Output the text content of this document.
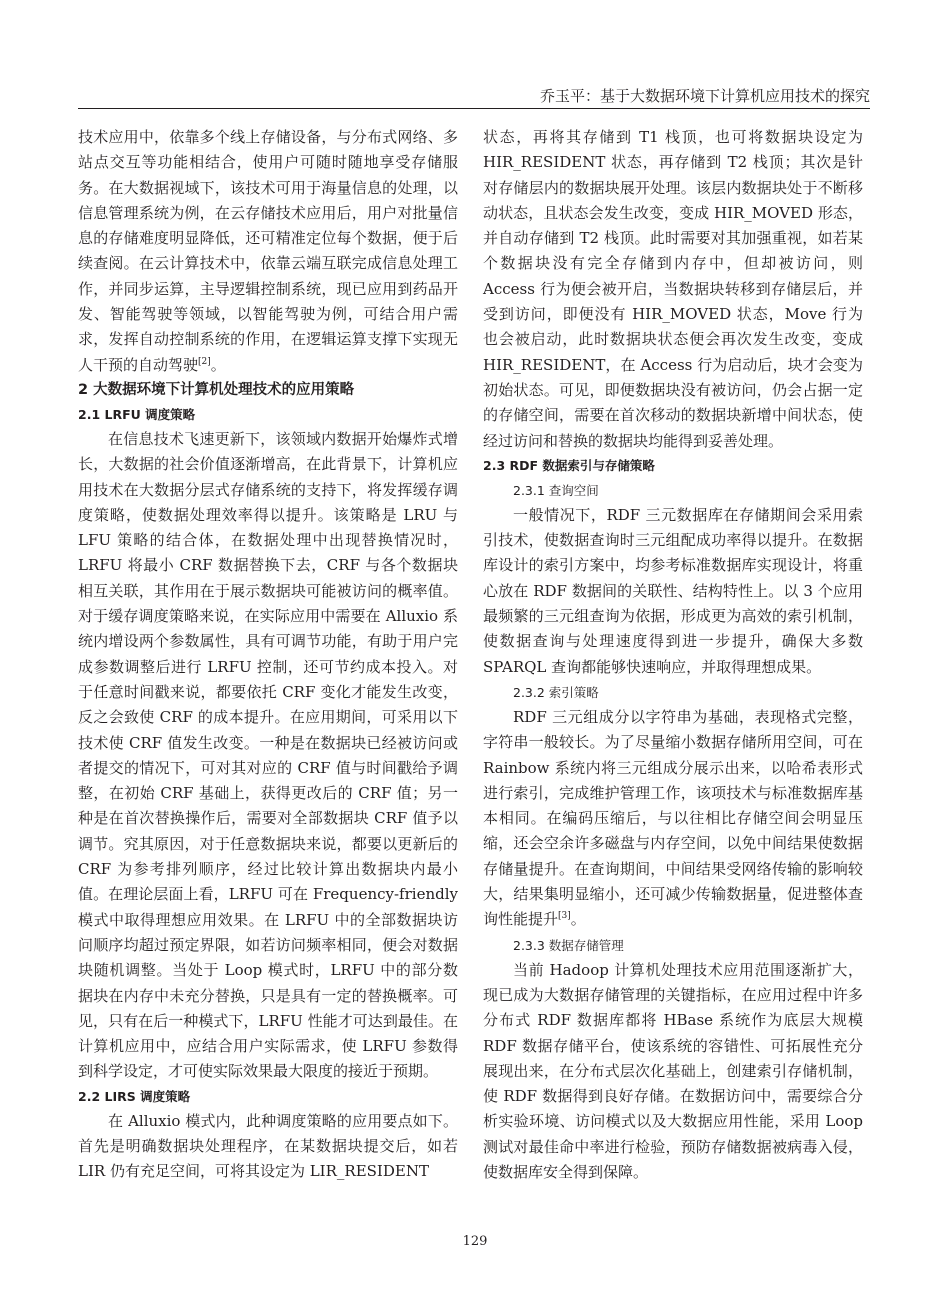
乔玉平：基于大数据环境下计算机应用技术的探究

技术应用中，依靠多个线上存储设备，与分布式网络、多站点交互等功能相结合，使用户可随时随地享受存储服务。在大数据视域下，该技术可用于海量信息的处理，以信息管理系统为例，在云存储技术应用后，用户对批量信息的存储难度明显降低，还可精准定位每个数据，便于后续查阅。在云计算技术中，依靠云端互联完成信息处理工作，并同步运算，主导逻辑控制系统，现已应用到药品开发、智能驾驶等领域，以智能驾驶为例，可结合用户需求，发挥自动控制系统的作用，在逻辑运算支撑下实现无人干预的自动驾驶[2]。

2 大数据环境下计算机处理技术的应用策略
2.1 LRFU 调度策略

在信息技术飞速更新下，该领域内数据开始爆炸式增长，大数据的社会价值逐渐增高，在此背景下，计算机应用技术在大数据分层式存储系统的支持下，将发挥缓存调度策略，使数据处理效率得以提升。该策略是 LRU 与 LFU 策略的结合体，在数据处理中出现替换情况时，LRFU 将最小 CRF 数据替换下去，CRF 与各个数据块相互关联，其作用在于展示数据块可能被访问的概率值。对于缓存调度策略来说，在实际应用中需要在 Alluxio 系统内增设两个参数属性，具有可调节功能，有助于用户完成参数调整后进行 LRFU 控制，还可节约成本投入。对于任意时间戳来说，都要依托 CRF 变化才能发生改变，反之会致使 CRF 的成本提升。在应用期间，可采用以下技术使 CRF 值发生改变。一种是在数据块已经被访问或者提交的情况下，可对其对应的 CRF 值与时间戳给予调整，在初始 CRF 基础上，获得更改后的 CRF 值；另一种是在首次替换操作后，需要对全部数据块 CRF 值予以调节。究其原因，对于任意数据块来说，都要以更新后的 CRF 为参考排列顺序，经过比较计算出数据块内最小值。在理论层面上看，LRFU 可在 Frequency-friendly 模式中取得理想应用效果。在 LRFU 中的全部数据块访问顺序均超过预定界限，如若访问频率相同，便会对数据块随机调整。当处于 Loop 模式时，LRFU 中的部分数据块在内存中未充分替换，只是具有一定的替换概率。可见，只有在后一种模式下，LRFU 性能才可达到最佳。在计算机应用中，应结合用户实际需求，使 LRFU 参数得到科学设定，才可使实际效果最大限度的接近于预期。

2.2 LIRS 调度策略

在 Alluxio 模式内，此种调度策略的应用要点如下。首先是明确数据块处理程序，在某数据块提交后，如若 LIR 仍有充足空间，可将其设定为 LIR_RESIDENT

状态，再将其存储到 T1 栈顶，也可将数据块设定为 HIR_RESIDENT 状态，再存储到 T2 栈顶；其次是针对存储层内的数据块展开处理。该层内数据块处于不断移动状态，且状态会发生改变，变成 HIR_MOVED 形态，并自动存储到 T2 栈顶。此时需要对其加强重视，如若某个数据块没有完全存储到内存中，但却被访问，则 Access 行为便会被开启，当数据块转移到存储层后，并受到访问，即便没有 HIR_MOVED 状态，Move 行为也会被启动，此时数据块状态便会再次发生改变，变成 HIR_RESIDENT，在 Access 行为启动后，块才会变为初始状态。可见，即便数据块没有被访问，仍会占据一定的存储空间，需要在首次移动的数据块新增中间状态，使经过访问和替换的数据块均能得到妥善处理。

2.3 RDF 数据索引与存储策略
2.3.1 查询空间

一般情况下，RDF 三元数据库在存储期间会采用索引技术，使数据查询时三元组配成功率得以提升。在数据库设计的索引方案中，均参考标准数据库实现设计，将重心放在 RDF 数据间的关联性、结构特性上。以 3 个应用最频繁的三元组查询为依据，形成更为高效的索引机制，使数据查询与处理速度得到进一步提升，确保大多数 SPARQL 查询都能够快速响应，并取得理想成果。

2.3.2 索引策略

RDF 三元组成分以字符串为基础，表现格式完整，字符串一般较长。为了尽量缩小数据存储所用空间，可在 Rainbow 系统内将三元组成分展示出来，以哈希表形式进行索引，完成维护管理工作，该项技术与标准数据库基本相同。在编码压缩后，与以往相比存储空间会明显压缩，还会空余许多磁盘与内存空间，以免中间结果使数据存储量提升。在查询期间，中间结果受网络传输的影响较大，结果集明显缩小，还可减少传输数据量，促进整体查询性能提升[3]。

2.3.3 数据存储管理

当前 Hadoop 计算机处理技术应用范围逐渐扩大，现已成为大数据存储管理的关键指标，在应用过程中许多分布式 RDF 数据库都将 HBase 系统作为底层大规模 RDF 数据存储平台，使该系统的容错性、可拓展性充分展现出来，在分布式层次化基础上，创建索引存储机制，使 RDF 数据得到良好存储。在数据访问中，需要综合分析实验环境、访问模式以及大数据应用性能，采用 Loop 测试对最佳命中率进行检验，预防存储数据被病毒入侵，使数据库安全得到保障。

129
